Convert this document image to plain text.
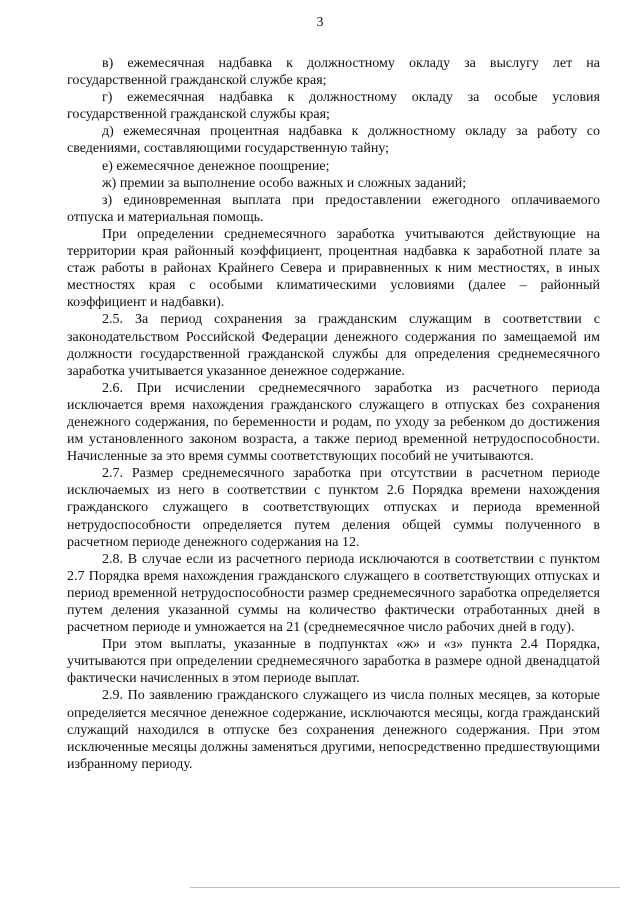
3

в) ежемесячная надбавка к должностному окладу за выслугу лет на государственной гражданской службе края;

г) ежемесячная надбавка к должностному окладу за особые условия государственной гражданской службы края;

д) ежемесячная процентная надбавка к должностному окладу за работу со сведениями, составляющими государственную тайну;

е) ежемесячное денежное поощрение;

ж) премии за выполнение особо важных и сложных заданий;

з) единовременная выплата при предоставлении ежегодного оплачиваемого отпуска и материальная помощь.

При определении среднемесячного заработка учитываются действующие на территории края районный коэффициент, процентная надбавка к заработной плате за стаж работы в районах Крайнего Севера и приравненных к ним местностях, в иных местностях края с особыми климатическими условиями (далее – районный коэффициент и надбавки).

2.5. За период сохранения за гражданским служащим в соответствии с законодательством Российской Федерации денежного содержания по замещаемой им должности государственной гражданской службы для определения среднемесячного заработка учитывается указанное денежное содержание.

2.6. При исчислении среднемесячного заработка из расчетного периода исключается время нахождения гражданского служащего в отпусках без сохранения денежного содержания, по беременности и родам, по уходу за ребенком до достижения им установленного законом возраста, а также период временной нетрудоспособности. Начисленные за это время суммы соответствующих пособий не учитываются.

2.7. Размер среднемесячного заработка при отсутствии в расчетном периоде исключаемых из него в соответствии с пунктом 2.6 Порядка времени нахождения гражданского служащего в соответствующих отпусках и периода временной нетрудоспособности определяется путем деления общей суммы полученного в расчетном периоде денежного содержания на 12.

2.8. В случае если из расчетного периода исключаются в соответствии с пунктом 2.7 Порядка время нахождения гражданского служащего в соответствующих отпусках и период временной нетрудоспособности размер среднемесячного заработка определяется путем деления указанной суммы на количество фактически отработанных дней в расчетном периоде и умножается на 21 (среднемесячное число рабочих дней в году).

При этом выплаты, указанные в подпунктах «ж» и «з» пункта 2.4 Порядка, учитываются при определении среднемесячного заработка в размере одной двенадцатой фактически начисленных в этом периоде выплат.

2.9. По заявлению гражданского служащего из числа полных месяцев, за которые определяется месячное денежное содержание, исключаются месяцы, когда гражданский служащий находился в отпуске без сохранения денежного содержания. При этом исключенные месяцы должны заменяться другими, непосредственно предшествующими избранному периоду.
